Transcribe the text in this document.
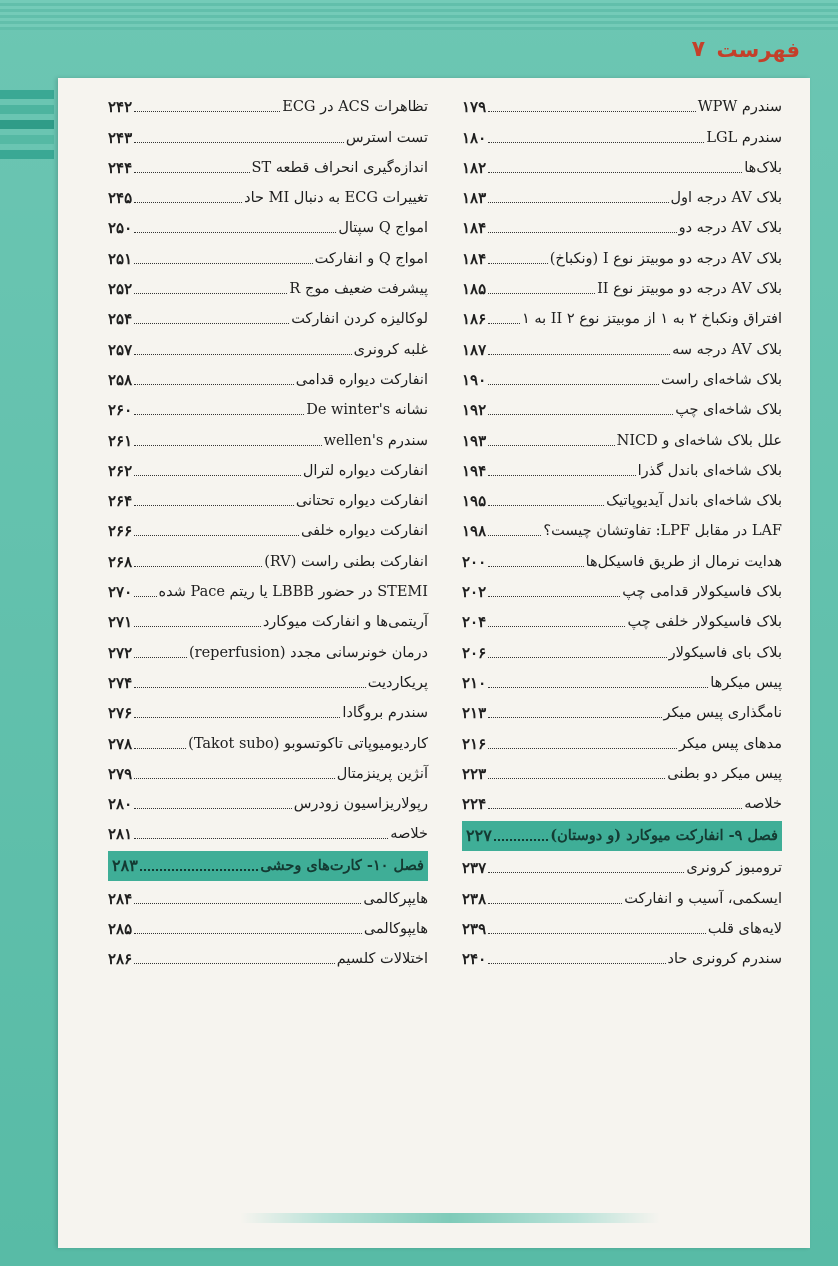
فهرست
۷
سندرم WPW
۱۷۹
سندرم LGL
۱۸۰
بلاک‌ها
۱۸۲
بلاک AV درجه اول
۱۸۳
بلاک AV درجه دو
۱۸۴
بلاک AV درجه دو موبیتز نوع I (ونکباخ)
۱۸۴
بلاک AV درجه دو موبیتز نوع II
۱۸۵
افتراق ونکباخ ۲ به ۱ از موبیتز نوع II ۲ به ۱
۱۸۶
بلاک AV درجه سه
۱۸۷
بلاک شاخه‌ای راست
۱۹۰
بلاک شاخه‌ای چپ
۱۹۲
علل بلاک شاخه‌ای و NICD
۱۹۳
بلاک شاخه‌ای باندل گذرا
۱۹۴
بلاک شاخه‌ای باندل آیدیوپاتیک
۱۹۵
LAF در مقابل LPF: تفاوتشان چیست؟
۱۹۸
هدایت نرمال از طریق فاسیکل‌ها
۲۰۰
بلاک فاسیکولار قدامی چپ
۲۰۲
بلاک فاسیکولار خلفی چپ
۲۰۴
بلاک بای فاسیکولار
۲۰۶
پیس میکرها
۲۱۰
نامگذاری پیس میکر
۲۱۳
مدهای پیس میکر
۲۱۶
پیس میکر دو بطنی
۲۲۳
خلاصه
۲۲۴
فصل ۹- انفارکت میوکارد (و دوستان)
۲۲۷
ترومبوز کرونری
۲۳۷
ایسکمی، آسیب و انفارکت
۲۳۸
لایه‌های قلب
۲۳۹
سندرم کرونری حاد
۲۴۰
تظاهرات ACS در ECG
۲۴۲
تست استرس
۲۴۳
اندازه‌گیری انحراف قطعه ST
۲۴۴
تغییرات ECG به دنبال MI حاد
۲۴۵
امواج Q سپتال
۲۵۰
امواج Q و انفارکت
۲۵۱
پیشرفت ضعیف موج R
۲۵۲
لوکالیزه کردن انفارکت
۲۵۴
غلبه کرونری
۲۵۷
انفارکت دیواره قدامی
۲۵۸
نشانه De winter's
۲۶۰
سندرم wellen's
۲۶۱
انفارکت دیواره لترال
۲۶۲
انفارکت دیواره تحتانی
۲۶۴
انفارکت دیواره خلفی
۲۶۶
انفارکت بطنی راست (RV)
۲۶۸
STEMI در حضور LBBB یا ریتم Pace شده
۲۷۰
آریتمی‌ها و انفارکت میوکارد
۲۷۱
درمان خونرسانی مجدد (reperfusion)
۲۷۲
پریکاردیت
۲۷۴
سندرم بروگادا
۲۷۶
کاردیومیوپاتی تاکوتسوبو (Takot subo)
۲۷۸
آنژین پرینزمتال
۲۷۹
رپولاریزاسیون زودرس
۲۸۰
خلاصه
۲۸۱
فصل ۱۰- کارت‌های وحشی
۲۸۳
هایپرکالمی
۲۸۴
هایپوکالمی
۲۸۵
اختلالات کلسیم
۲۸۶
